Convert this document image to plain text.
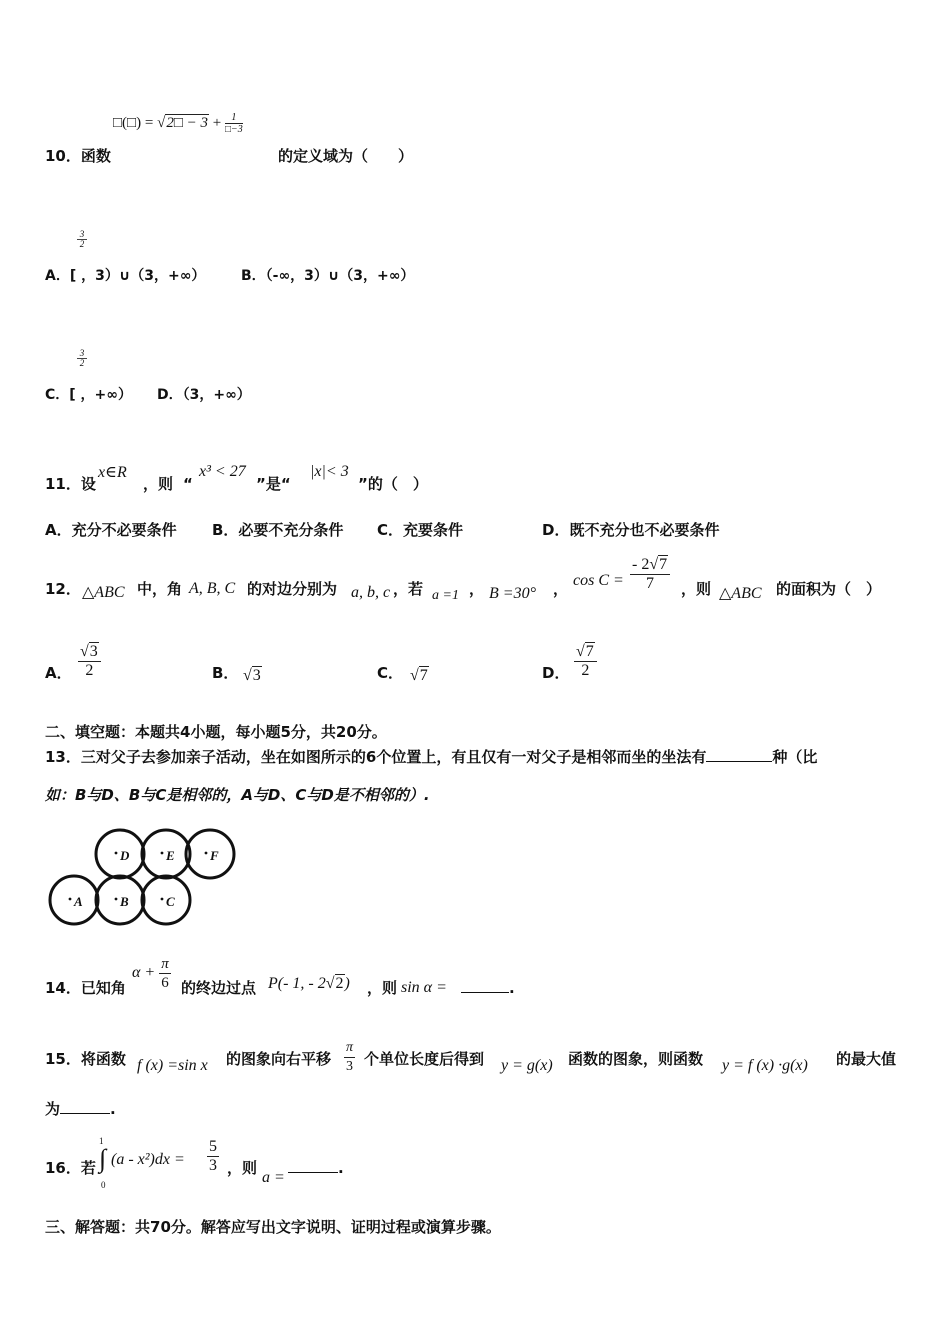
□(□) = √2□ − $3 + \frac{1}{□-3}$
10．函数	的定义域为（　　）
3
2
A．[ ，3）∪（3，+∞）	B．（-∞，3）∪（3，+∞）
3
2
C．[ ，+∞） D．（3，+∞）
11．设
x∈R
，则 “
x³ < 27
”是“
|x|< 3
”的（　）
A．充分不必要条件 B．必要不充分条件 C．充要条件	D．既不充分也不必要条件
12． △ABC 中，角 A, B, C 的对边分别为 a, b, c ，若 a =1 ， B =30° ， $\cos C = \frac{- 2√7}{7}$ ，则 △ABC 的面积为（　）
A． $\frac{√3}{2}$	B． √3	C． √7	D． $\frac{√7}{2}$
二、填空题：本题共4小题，每小题5分，共20分。
13．三对父子去参加亲子活动，坐在如图所示的6个位置上，有且仅有一对父子是相邻而坐的坐法有	种（比
如：B与D、B与C是相邻的，A与D、C与D是不相邻的）.
D	E	F
A	B	C
14．已知角
$\alpha + \frac{\pi}{6}$ 的终边过点 P(- 1, - 2√2) ，则 sin α =	.
15．将函数 f (x) =sin x 的图象向右平移 $\frac{\pi}{3}$ 个单位长度后得到 y = g(x) 函数的图象，则函数 y = f (x) ·g(x) 的最大值
为	.
16．若
1
∫
0
$(a - x^2)dx = \frac{5}{3}$ ，则
a =
.
三、解答题：共70分。解答应写出文字说明、证明过程或演算步骤。
